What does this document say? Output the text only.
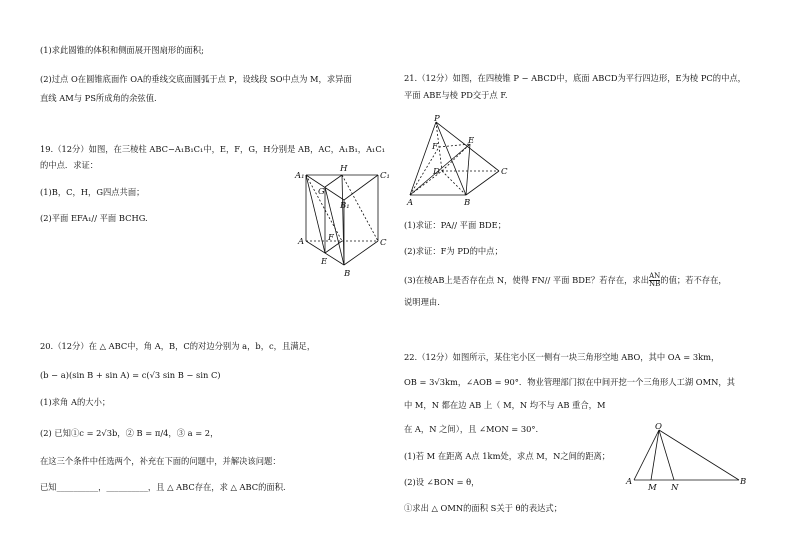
(1)求此圆锥的体积和侧面展开图扇形的面积;
(2)过点 O在圆锥底面作 OA的垂线交底面圆弧于点 P，设线段 SO中点为 M，求异面
直线 AM与 PS所成角的余弦值.
19.（12分）如图，在三棱柱 ABC−A₁B₁C₁中，E，F，G，H分别是 AB，AC，A₁B₁，A₁C₁
的中点．求证：
(1)B，C，H，G四点共面；
(2)平面 EFA₁// 平面 BCHG.
A₁
H
C₁
G
B₁
F
A	C
E
B
20.（12分）在 △ ABC中，角 A，B，C的对边分别为 a，b，c，且满足，
(b − a)(sin B + sin A) = c(√3 sin B − sin C)
(1)求角 A的大小；
(2) 已知①c = 2√3b，② B = π/4，③ a = 2，
在这三个条件中任选两个，补充在下面的问题中，并解决该问题：
已知__________，__________，且 △ ABC存在，求 △ ABC的面积.
21.（12分）如图，在四棱锥 P − ABCD中，底面 ABCD为平行四边形，E为棱 PC的中点，
平面 ABE与棱 PD交于点 F.
P
F
E
D	C
A	B
(1)求证：PA// 平面 BDE；
(2)求证：F为 PD的中点；
(3)在棱AB上是否存在点 N，使得 FN// 平面 BDE？若存在，求出 $\frac{AN}{NB}$ 的值；若不存在，
说明理由.
22.（12分）如图所示，某住宅小区一侧有一块三角形空地 ABO，其中 OA = 3km，
OB = 3√3km，∠AOB = 90°．物业管理部门拟在中间开挖一个三角形人工湖 OMN，其
中 M，N 都在边 AB 上（ M，N 均不与 AB 重合，M
在 A，N 之间），且 ∠MON = 30°.
(1)若 M 在距离 A点 1km处，求点 M，N之间的距离；
(2)设 ∠BON = θ，
①求出 △ OMN的面积 S关于 θ的表达式；
O
A
M N
B
